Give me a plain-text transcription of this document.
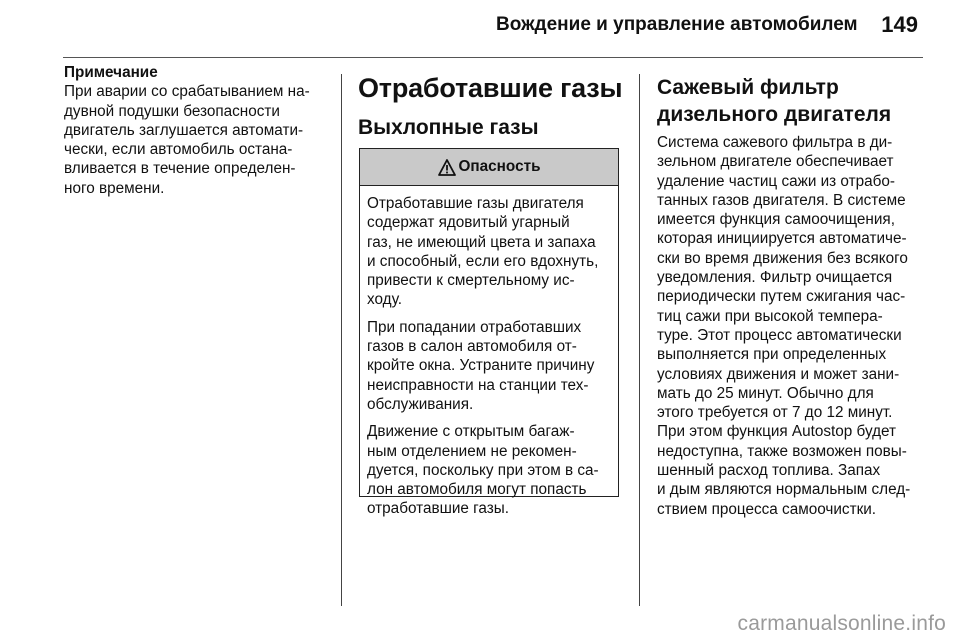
Вождение и управление автомобилем 149

Примечание

При аварии со срабатыванием на-

дувной подушки безопасности

двигатель заглушается автомати-

чески, если автомобиль остана-

вливается в течение определен-

ного времени.

Отработавшие газы
Выхлопные газы
Опасность

Отработавшие газы двигателя
содержат ядовитый угарный
газ, не имеющий цвета и запаха
и способный, если его вдохнуть,
привести к смертельному ис-
ходу.

При попадании отработавших
газов в салон автомобиля от-
кройте окна. Устраните причину
неисправности на станции тех-
обслуживания.

Движение с открытым багаж-
ным отделением не рекомен-
дуется, поскольку при этом в са-
лон автомобиля могут попасть
отработавшие газы.

Сажевый фильтр
дизельного двигателя

Система сажевого фильтра в ди-

зельном двигателе обеспечивает

удаление частиц сажи из отрабо-

танных газов двигателя. В системе

имеется функция самоочищения,

которая инициируется автоматиче-

ски во время движения без всякого

уведомления. Фильтр очищается

периодически путем сжигания час-

тиц сажи при высокой темпера-

туре. Этот процесс автоматически

выполняется при определенных

условиях движения и может зани-

мать до 25 минут. Обычно для

этого требуется от 7 до 12 минут.

При этом функция Autostop будет

недоступна, также возможен повы-

шенный расход топлива. Запах

и дым являются нормальным след-

ствием процесса самоочистки.

carmanualsonline.info
